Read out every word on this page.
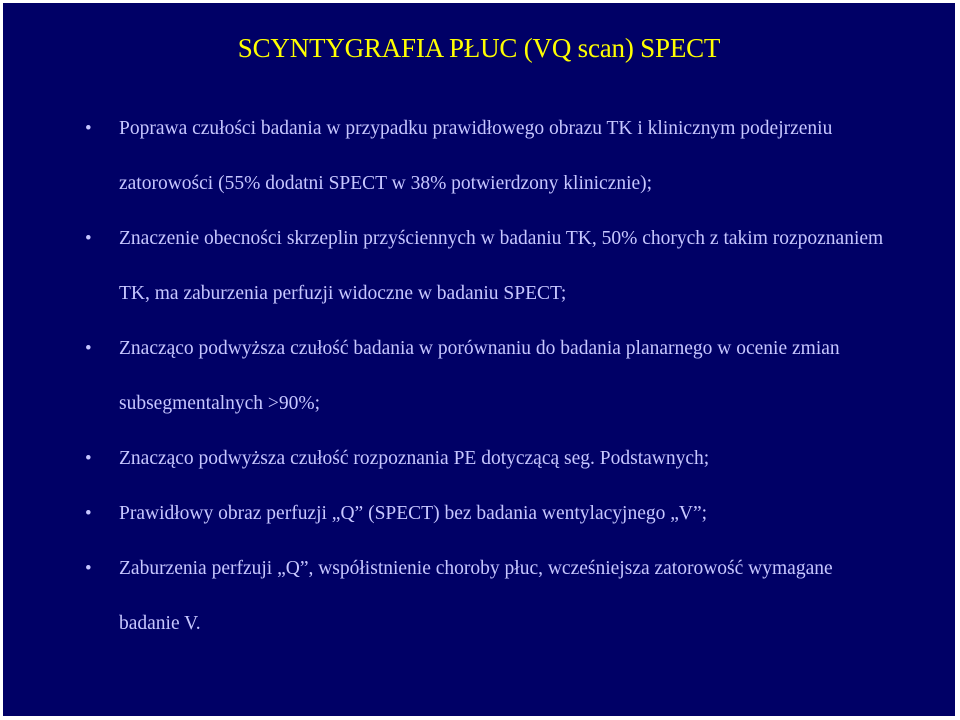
SCYNTYGRAFIA PŁUC (VQ scan) SPECT
• Poprawa czułości badania w przypadku prawidłowego obrazu TK i klinicznym podejrzeniu zatorowości (55% dodatni SPECT w 38% potwierdzony klinicznie);
• Znaczenie obecności skrzeplin przyściennych w badaniu TK, 50% chorych z takim rozpoznaniem TK, ma zaburzenia perfuzji widoczne w badaniu SPECT;
• Znacząco podwyższa czułość badania w porównaniu do badania planarnego w ocenie zmian subsegmentalnych >90%;
• Znacząco podwyższa czułość rozpoznania PE dotyczącą seg. Podstawnych;
• Prawidłowy obraz perfuzji „Q” (SPECT) bez badania wentylacyjnego „V”;
• Zaburzenia perfzuji „Q”, współistnienie choroby płuc, wcześniejsza zatorowość wymagane badanie V.
